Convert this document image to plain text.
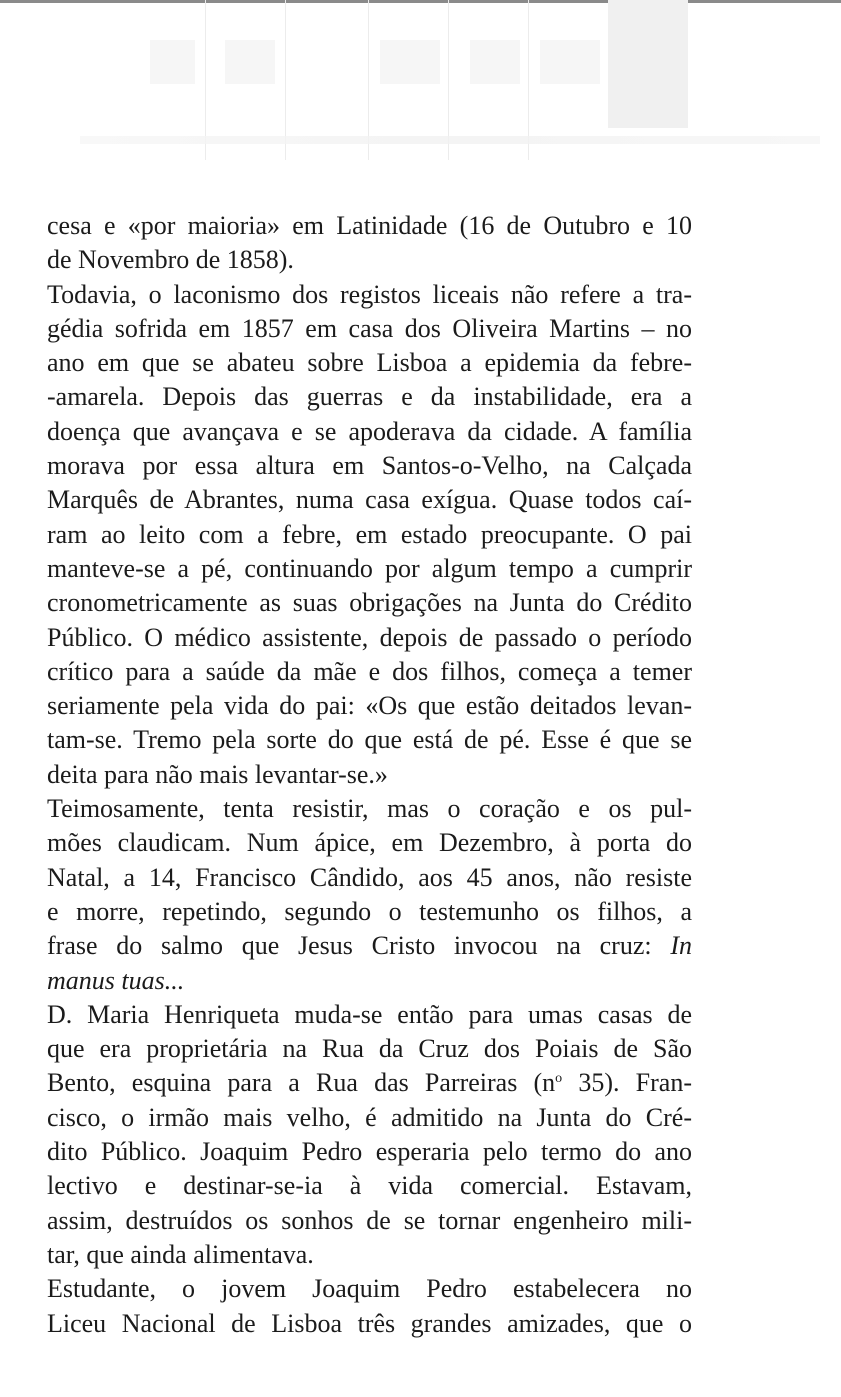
cesa e «por maioria» em Latinidade (16 de Outubro e 10
de Novembro de 1858).
Todavia, o laconismo dos registos liceais não refere a tra-
gédia sofrida em 1857 em casa dos Oliveira Martins – no
ano em que se abateu sobre Lisboa a epidemia da febre-
-amarela. Depois das guerras e da instabilidade, era a
doença que avançava e se apoderava da cidade. A família
morava por essa altura em Santos-o-Velho, na Calçada
Marquês de Abrantes, numa casa exígua. Quase todos caí-
ram ao leito com a febre, em estado preocupante. O pai
manteve-se a pé, continuando por algum tempo a cumprir
cronometricamente as suas obrigações na Junta do Crédito
Público. O médico assistente, depois de passado o período
crítico para a saúde da mãe e dos filhos, começa a temer
seriamente pela vida do pai: «Os que estão deitados levan-
tam-se. Tremo pela sorte do que está de pé. Esse é que se
deita para não mais levantar-se.»
Teimosamente, tenta resistir, mas o coração e os pul-
mões claudicam. Num ápice, em Dezembro, à porta do
Natal, a 14, Francisco Cândido, aos 45 anos, não resiste
e morre, repetindo, segundo o testemunho os filhos, a
frase do salmo que Jesus Cristo invocou na cruz: In
manus tuas...
D. Maria Henriqueta muda-se então para umas casas de
que era proprietária na Rua da Cruz dos Poiais de São
Bento, esquina para a Rua das Parreiras ($n^o$ 35). Fran-
cisco, o irmão mais velho, é admitido na Junta do Cré-
dito Público. Joaquim Pedro esperaria pelo termo do ano
lectivo e destinar-se-ia à vida comercial. Estavam,
assim, destruídos os sonhos de se tornar engenheiro mili-
tar, que ainda alimentava.
Estudante, o jovem Joaquim Pedro estabelecera no
Liceu Nacional de Lisboa três grandes amizades, que o
